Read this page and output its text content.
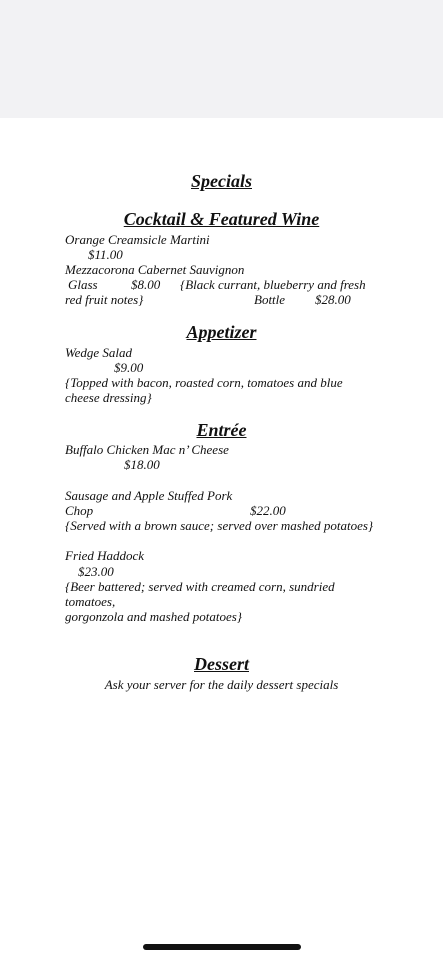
Specials
Cocktail & Featured Wine
Orange Creamsicle Martini
$11.00
Mezzacorona Cabernet Sauvignon
Glass	$8.00 {Black currant, blueberry and fresh
red fruit notes}	Bottle $28.00
Appetizer
Wedge Salad
$9.00
{Topped with bacon, roasted corn, tomatoes and blue
cheese dressing}
Entrée
Buffalo Chicken Mac n’ Cheese
$18.00
Sausage and Apple Stuffed Pork
Chop	$22.00
{Served with a brown sauce; served over mashed potatoes}
Fried Haddock
$23.00
{Beer battered; served with creamed corn, sundried
tomatoes,
gorgonzola and mashed potatoes}
Dessert
Ask your server for the daily dessert specials
